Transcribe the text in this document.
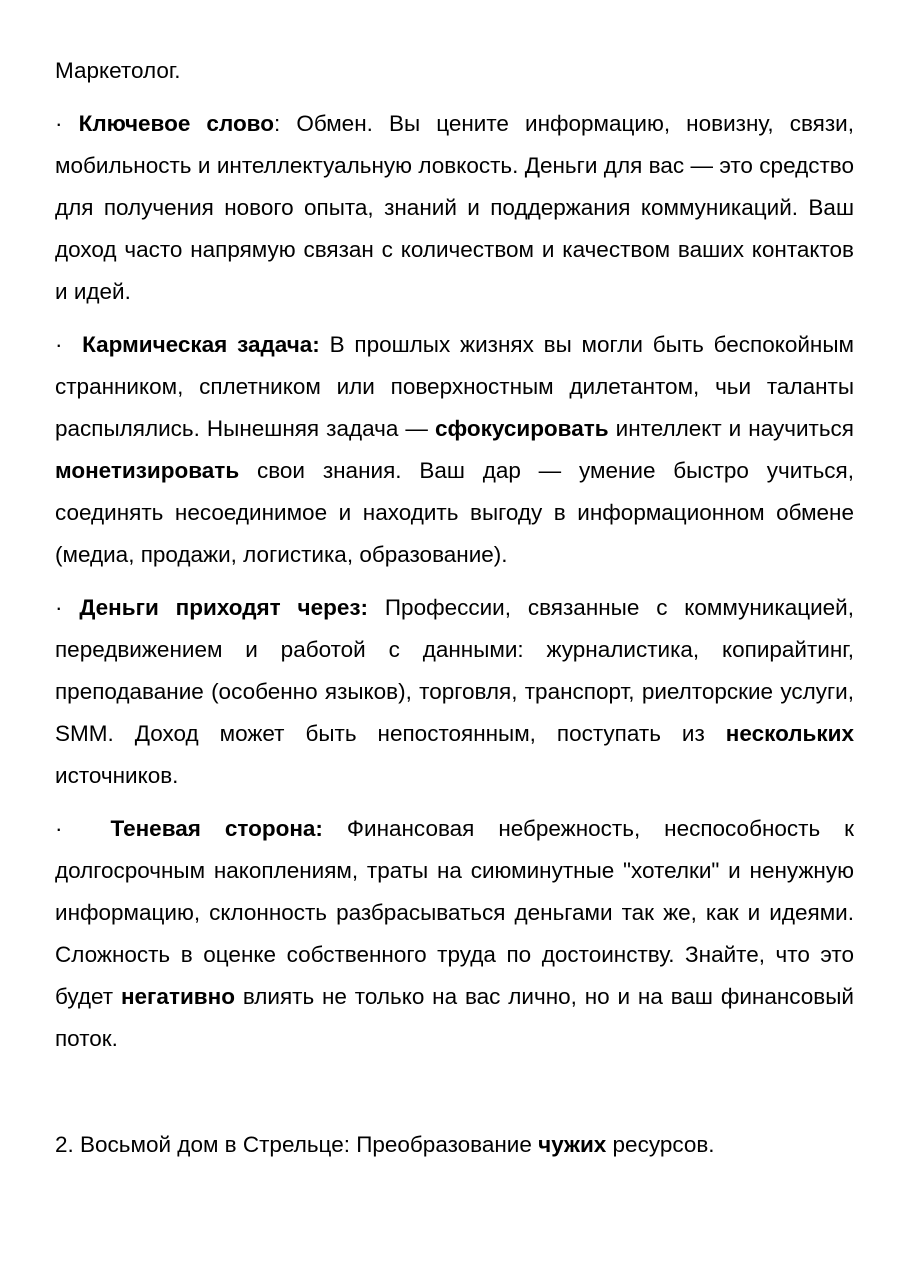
Маркетолог.

· Ключевое слово: Обмен. Вы цените информацию, новизну, связи, мобильность и интеллектуальную ловкость. Деньги для вас — это средство для получения нового опыта, знаний и поддержания коммуникаций. Ваш доход часто напрямую связан с количеством и качеством ваших контактов и идей.

· Кармическая задача: В прошлых жизнях вы могли быть беспокойным странником, сплетником или поверхностным дилетантом, чьи таланты распылялись. Нынешняя задача — сфокусировать интеллект и научиться монетизировать свои знания. Ваш дар — умение быстро учиться, соединять несоединимое и находить выгоду в информационном обмене (медиа, продажи, логистика, образование).

· Деньги приходят через: Профессии, связанные с коммуникацией, передвижением и работой с данными: журналистика, копирайтинг, преподавание (особенно языков), торговля, транспорт, риелторские услуги, SMM. Доход может быть непостоянным, поступать из нескольких источников.

· Теневая сторона: Финансовая небрежность, неспособность к долгосрочным накоплениям, траты на сиюминутные "хотелки" и ненужную информацию, склонность разбрасываться деньгами так же, как и идеями. Сложность в оценке собственного труда по достоинству. Знайте, что это будет негативно влиять не только на вас лично, но и на ваш финансовый поток.

2. Восьмой дом в Стрельце: Преобразование чужих ресурсов.
